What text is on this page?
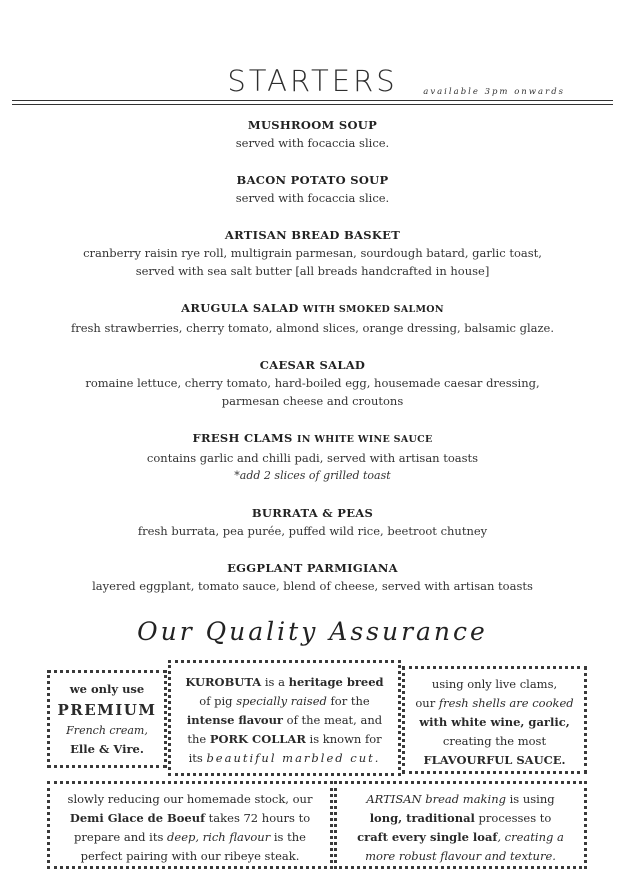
STARTERS	available 3pm onwards
MUSHROOM SOUP
served with focaccia slice.
BACON POTATO SOUP
served with focaccia slice.
ARTISAN BREAD BASKET
cranberry raisin rye roll, multigrain parmesan, sourdough batard, garlic toast,
served with sea salt butter [all breads handcrafted in house]
ARUGULA SALAD WITH SMOKED SALMON
fresh strawberries, cherry tomato, almond slices, orange dressing, balsamic glaze.
CAESAR SALAD
romaine lettuce, cherry tomato, hard-boiled egg, housemade caesar dressing,
parmesan cheese and croutons
FRESH CLAMS IN WHITE WINE SAUCE
contains garlic and chilli padi, served with artisan toasts
*add 2 slices of grilled toast
BURRATA & PEAS
fresh burrata, pea purée, puffed wild rice, beetroot chutney
EGGPLANT PARMIGIANA
layered eggplant, tomato sauce, blend of cheese, served with artisan toasts
Our Quality Assurance
we only use
PREMIUM
French cream,
Elle & Vire.

KUROBUTA is a heritage breed

of pig specially raised for the

intense flavour of the meat, and

the PORK COLLAR is known for

its beautiful marbled cut.

using only live clams,

our fresh shells are cooked

with white wine, garlic,

creating the most

FLAVOURFUL SAUCE.

slowly reducing our homemade stock, our

Demi Glace de Boeuf takes 72 hours to

prepare and its deep, rich flavour is the

perfect pairing with our ribeye steak.

ARTISAN bread making is using

long, traditional processes to

craft every single loaf, creating a

more robust flavour and texture.
